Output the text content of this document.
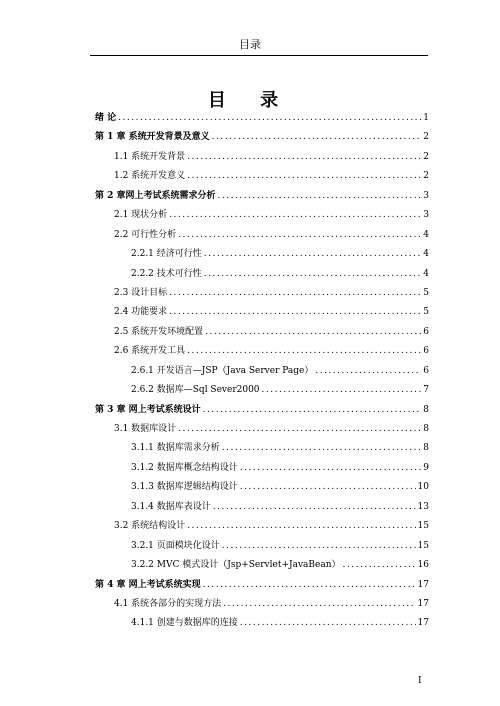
目录
目 录
绪 论 .....	1
第 1 章 系统开发背景及意义 .....	2
1.1 系统开发背景 .....	2
1.2 系统开发意义 .....	2
第 2 章网上考试系统需求分析 .....	3
2.1 现状分析 .....	3
2.2 可行性分析 .....	4
2.2.1 经济可行性 .....	4
2.2.2 技术可行性 .....	4
2.3 设计目标 .....	5
2.4 功能要求 .....	5
2.5 系统开发环境配置 .....	6
2.6 系统开发工具 .....	6
2.6.1 开发语言—JSP（Java Server Page） .....	6
2.6.2 数据库—Sql Sever2000 .....	7
第 3 章 网上考试系统设计 .....	8
3.1 数据库设计 .....	8
3.1.1 数据库需求分析 .....	8
3.1.2 数据库概念结构设计 .....	9
3.1.3 数据库逻辑结构设计 .....	10
3.1.4 数据库表设计 .....	13
3.2 系统结构设计 .....	15
3.2.1 页面模块化设计 .....	15
3.2.2 MVC 模式设计（Jsp+Servlet+JavaBean） .....	16
第 4 章 网上考试系统实现 .....	17
4.1 系统各部分的实现方法 .....	17
4.1.1 创建与数据库的连接 .....	17
I
